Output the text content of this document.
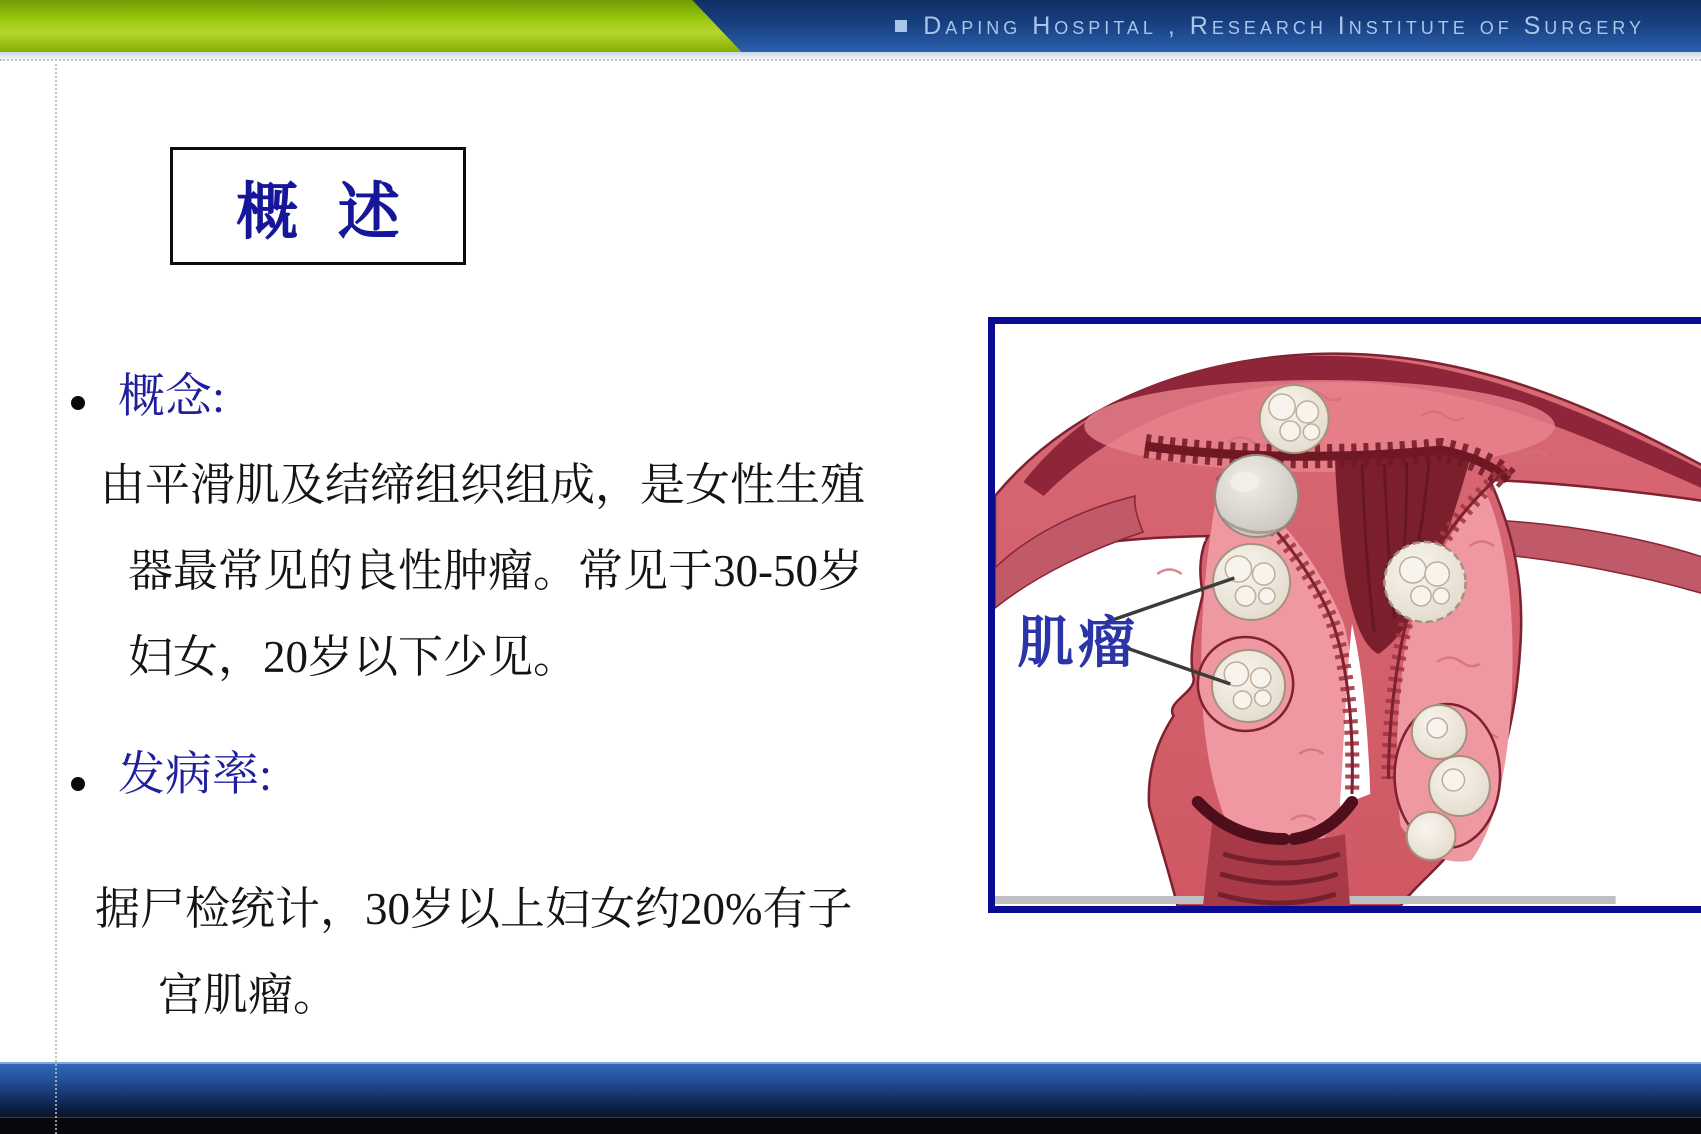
Daping Hospital , Research Institute of Surgery
概 述
概念:
由平滑肌及结缔组织组成，是女性生殖
器最常见的良性肿瘤。常见于30-50岁
妇女，20岁以下少见。
发病率:
据尸检统计，30岁以上妇女约20%有子
宫肌瘤。
肌瘤
